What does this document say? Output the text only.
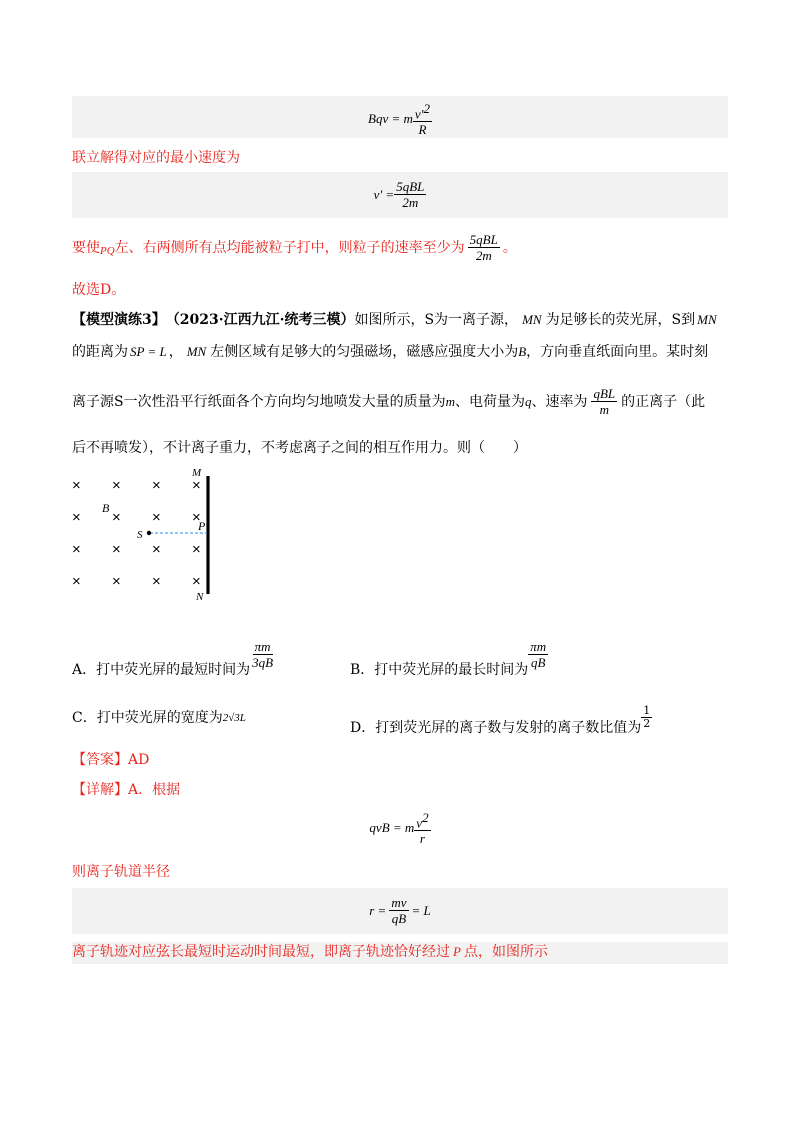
Bqv = m $\frac{v'2}{R}$
联立解得对应的最小速度为
$v' = \frac{\text{5qBL}}{2m}$
要使 PQ 左、右两侧所有点均能被粒子打中，则粒子的速率至少为 $\frac{\text{5qBL}}{2m}$ 。
故选D。
【模型演练3】 （2023·江西九江·统考三模） 如图所示，S为一离子源， MN 为足够长的荧光屏，S到 MN
的距离为 SP = L ， MN 左侧区域有足够大的匀强磁场，磁感应强度大小为 B ，方向垂直纸面向里。某时刻
离子源S一次性沿平行纸面各个方向均匀地喷发大量的质量为 m 、电荷量为 q 、速率为 $\frac{\text{qBL}}{m}$ 的正离子（此
后不再喷发），不计离子重力，不考虑离子之间的相互作用力。则（　　）
× × × ×
× × × ×
× × × ×
× × × ×
M
B
S
P
N
A．打中荧光屏的最短时间为
$\frac{\pi m}{3qB}$
B．打中荧光屏的最长时间为
$\frac{\pi m}{qB}$
C．打中荧光屏的宽度为 2√3L
D．打到荧光屏的离子数与发射的离子数比值为 $\frac{1}{2}$
【答案】AD
【详解】A．根据
qvB = m $\frac{v2}{r}$
则离子轨道半径
$r = \frac{mv}{qB} = L$
离子轨迹对应弦长最短时运动时间最短，即离子轨迹恰好经过 P 点，如图所示
